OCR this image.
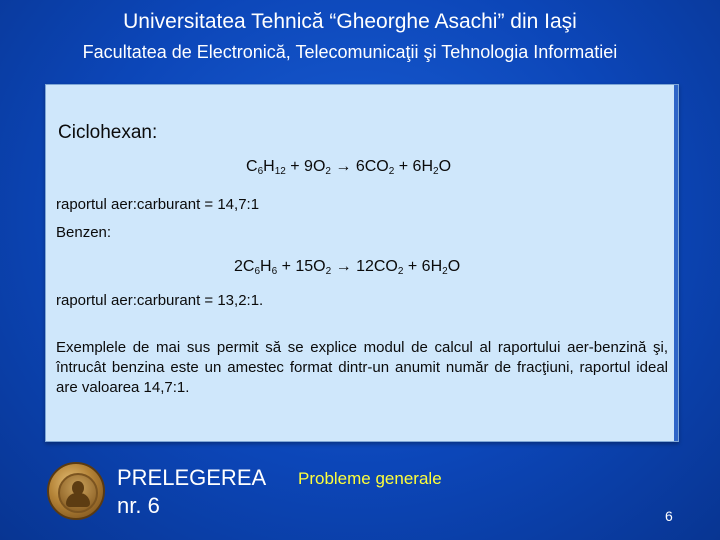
Universitatea Tehnică “Gheorghe Asachi” din Iaşi
Facultatea de Electronică, Telecomunicaţii şi Tehnologia Informatiei
Ciclohexan:
$C_6H_{12} + 9O_2 \to 6CO_2 + 6H_2O$
raportul aer:carburant = 14,7:1
Benzen:
$2C_6H_6 + 15O_2 \to 12CO_2 + 6H_2O$
raportul aer:carburant = 13,2:1.
Exemplele de mai sus permit să se explice modul de calcul al raportului aer-benzină şi, întrucât benzina este un amestec format dintr-un anumit număr de fracţiuni, raportul ideal are valoarea 14,7:1.
PRELEGEREA
nr. 6
Probleme generale
6
